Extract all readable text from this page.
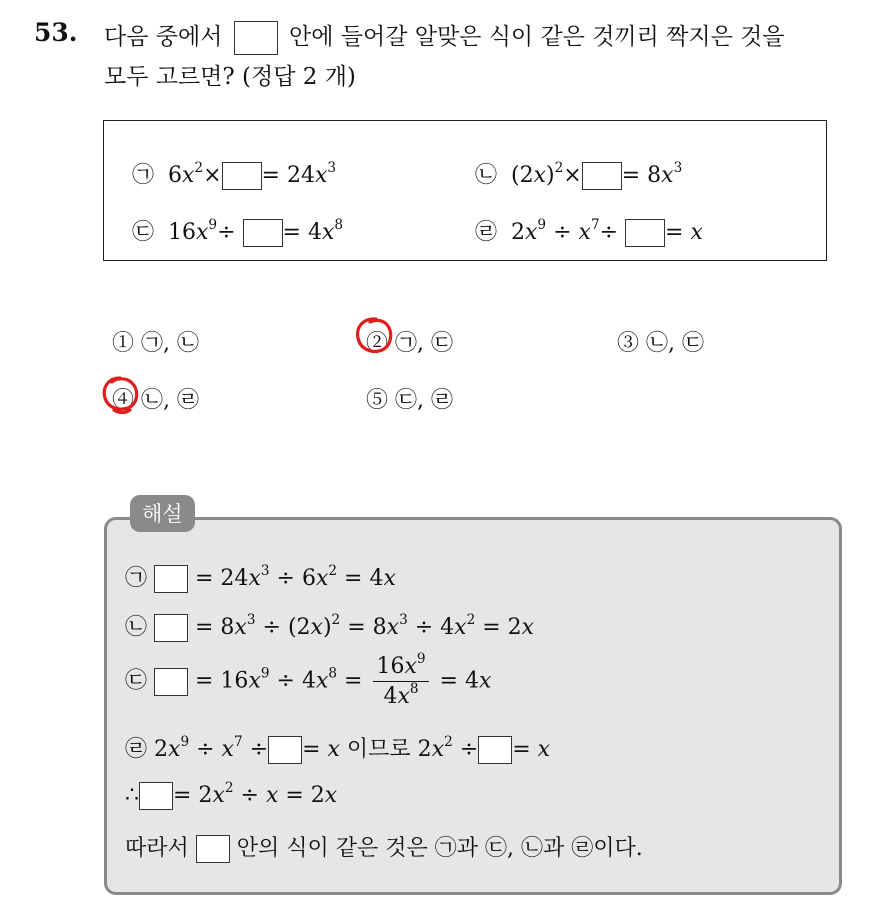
53. 다음 중에서	안에 들어갈 알맞은 식이 같은 것끼리 짝지은 것을
모두 고르면? (정답 2 개)
㉠  $6x^2\times = 24x^3$	㉡  $(2x)^2\times = 8x^3$
㉢  $16x^9\div = 4x^8$	㉣  $2x^9 \div x^7\div = x$
① ㉠, ㉡	② ㉠, ㉢	③ ㉡, ㉢
④ ㉡, ㉣	⑤ ㉢, ㉣
해설
㉠  = $24x^3 \div 6x^2 = 4x$
㉡  = $8x^3 \div (2x)^2 = 8x^3 \div 4x^2 = 2x$
㉢  = $16x^9 \div 4x^8 = \frac{16x^9}{4x^8} = 4x$
㉣ $2x^9 \div x^7$ ÷ = x 이므로 $2x^2$ ÷ = x
∴ = $2x^2 \div x = 2x$
따라서 안의 식이 같은 것은 ㉠과 ㉢, ㉡과 ㉣이다.
